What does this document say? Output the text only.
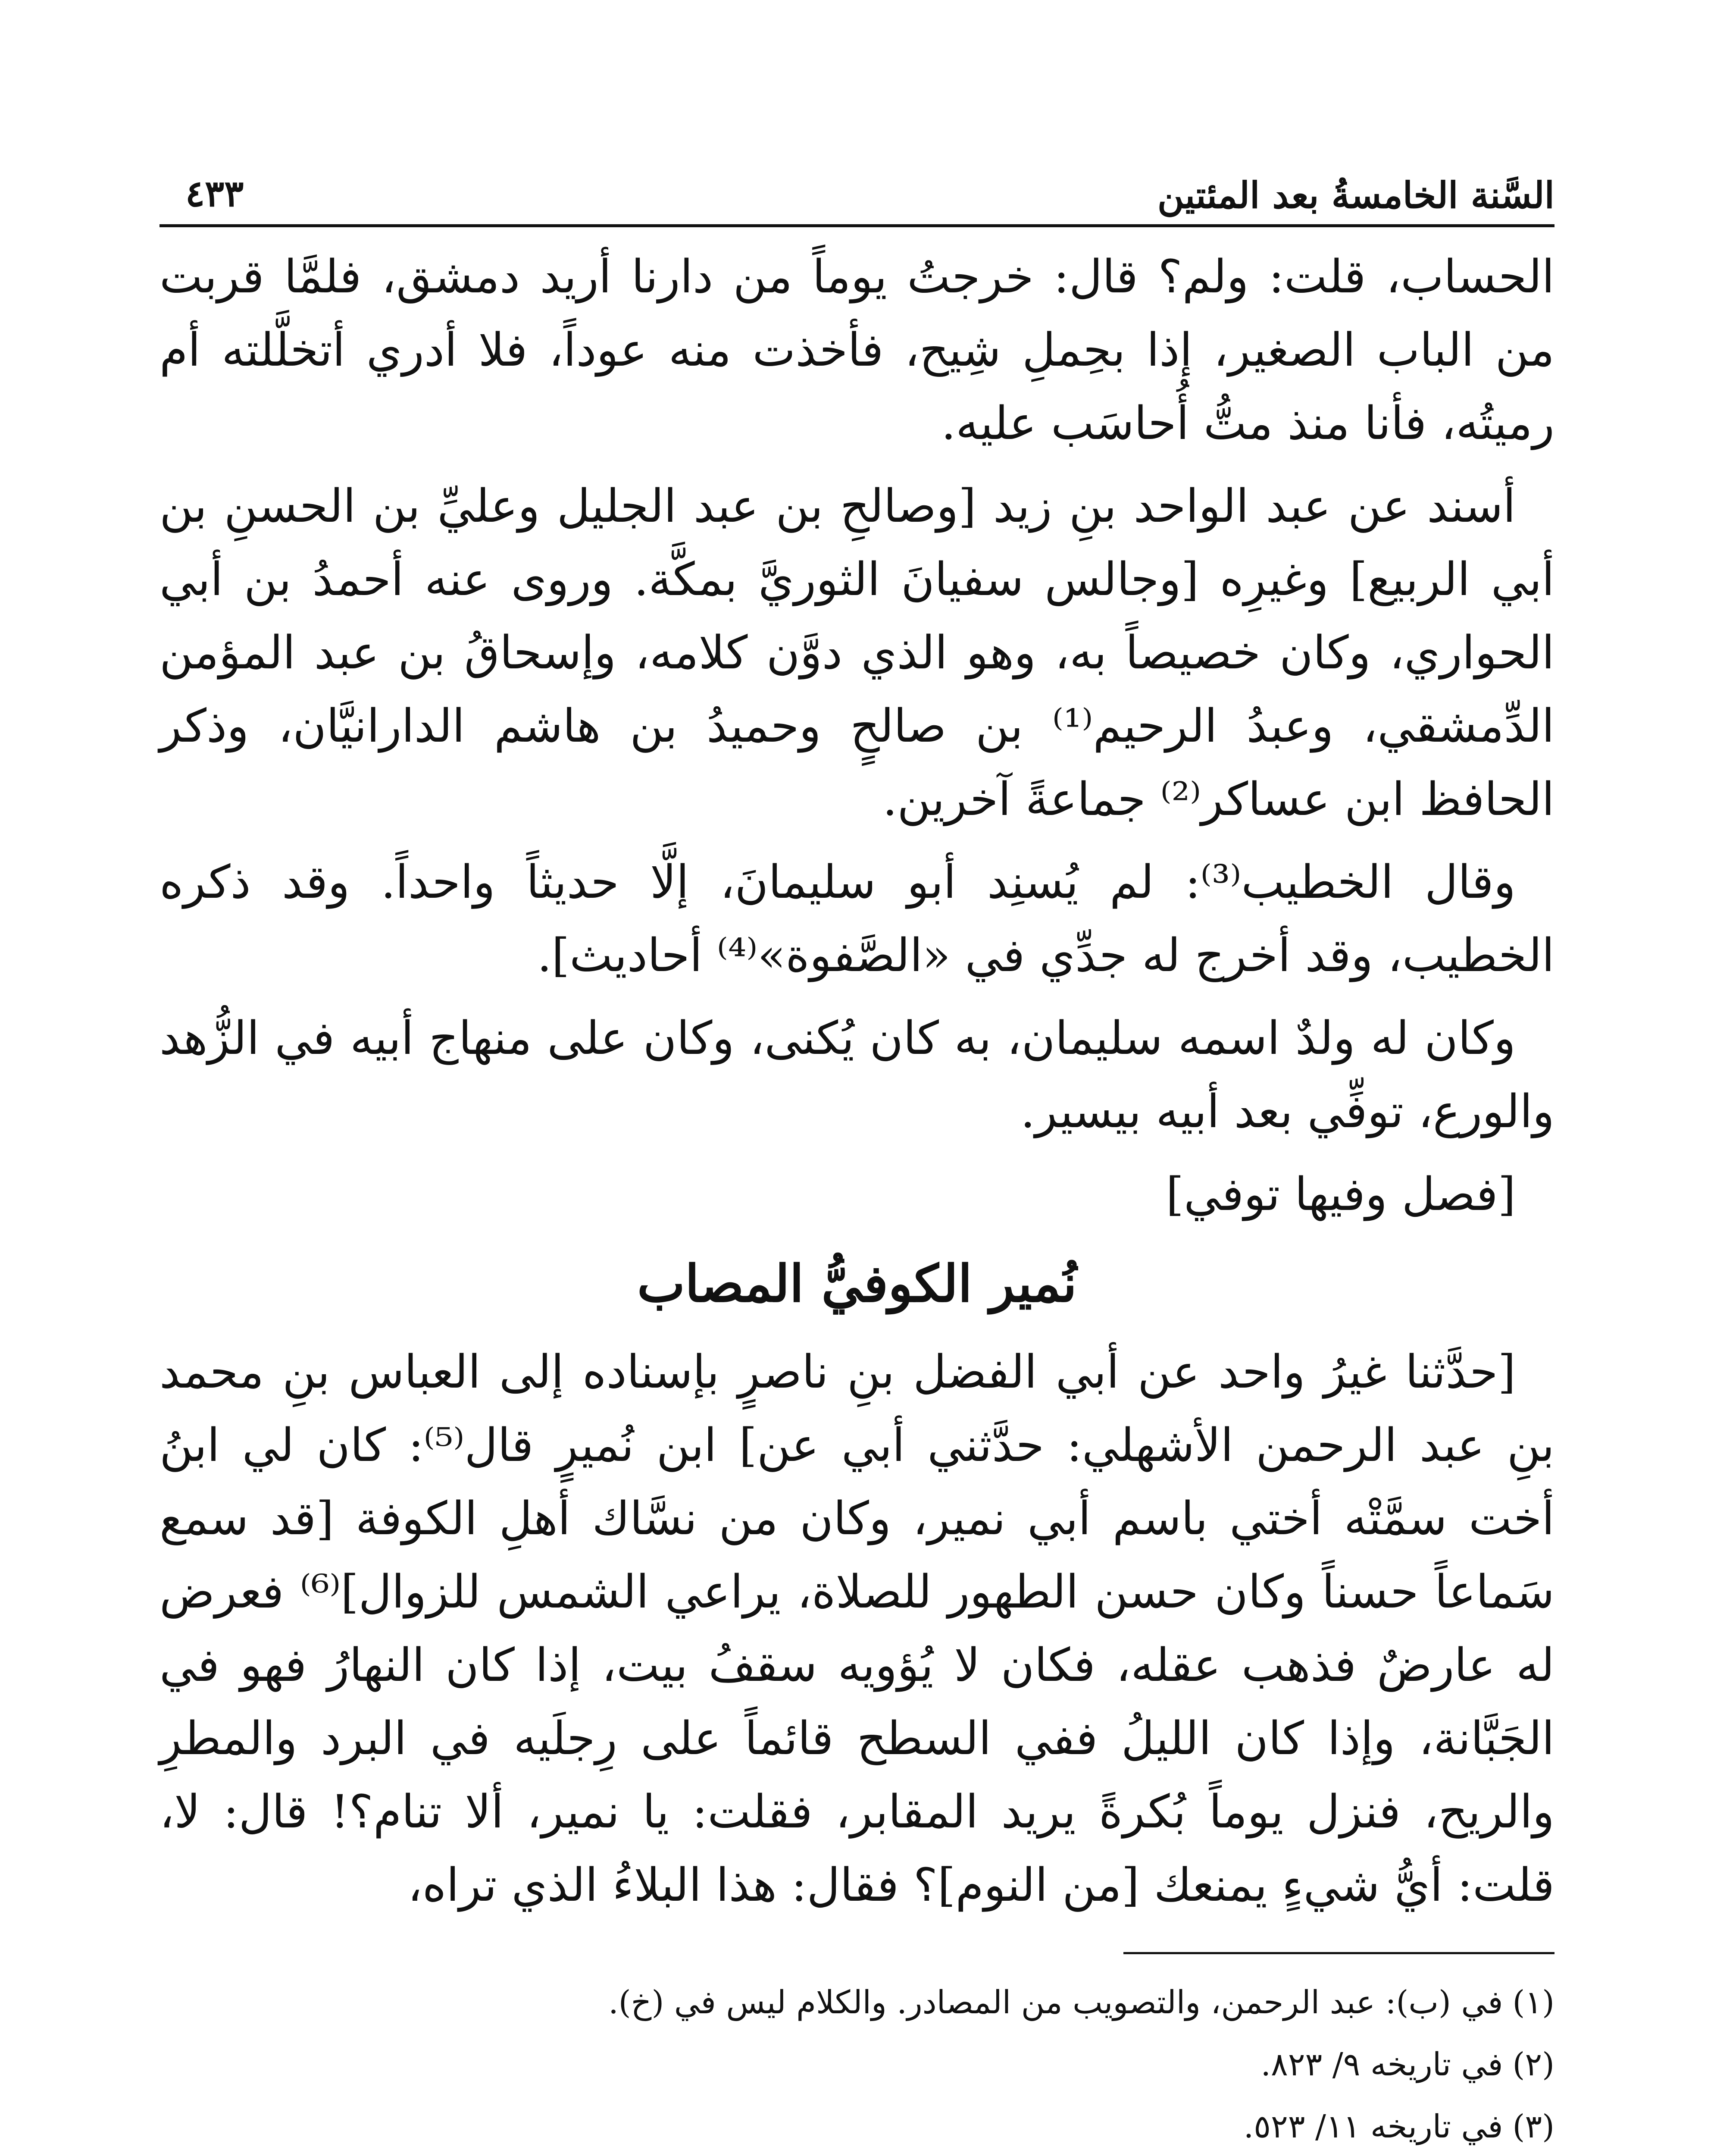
السَّنة الخامسةُ بعد المئتين
٤٣٣

الحساب، قلت: ولم؟ قال: خرجتُ يوماً من دارنا أريد دمشق، فلمَّا قربت من الباب الصغير، إذا بحِملِ شِيح، فأخذت منه عوداً، فلا أدري أتخلَّلته أم رميتُه، فأنا منذ متُّ أُحاسَب عليه.

أسند عن عبد الواحد بنِ زيد [وصالحِ بن عبد الجليل وعليِّ بن الحسنِ بن أبي الربيع] وغيرِه [وجالس سفيانَ الثوريَّ بمكَّة. وروى عنه أحمدُ بن أبي الحواري، وكان خصيصاً به، وهو الذي دوَّن كلامه، وإسحاقُ بن عبد المؤمن الدِّمشقي، وعبدُ الرحيم⁽¹⁾ بن صالحٍ وحميدُ بن هاشم الدارانيَّان، وذكر الحافظ ابن عساكر⁽²⁾ جماعةً آخرين.

وقال الخطيب⁽³⁾: لم يُسنِد أبو سليمانَ، إلَّا حديثاً واحداً. وقد ذكره الخطيب، وقد أخرج له جدِّي في «الصَّفوة»⁽⁴⁾ أحاديث].

وكان له ولدٌ اسمه سليمان، به كان يُكنى، وكان على منهاج أبيه في الزُّهد والورع، توفِّي بعد أبيه بيسير.

[فصل وفيها توفي]

نُمير الكوفيُّ المصاب

[حدَّثنا غيرُ واحد عن أبي الفضل بنِ ناصرٍ بإسناده إلى العباس بنِ محمد بنِ عبد الرحمن الأشهلي: حدَّثني أبي عن] ابن نُميرٍ قال⁽⁵⁾: كان لي ابنُ أخت سمَّتْه أختي باسم أبي نمير، وكان من نسَّاك أهلِ الكوفة [قد سمع سَماعاً حسناً وكان حسن الطهور للصلاة، يراعي الشمس للزوال]⁽⁶⁾ فعرض له عارضٌ فذهب عقله، فكان لا يُؤويه سقفُ بيت، إذا كان النهارُ فهو في الجَبَّانة، وإذا كان الليلُ ففي السطح قائماً على رِجلَيه في البرد والمطرِ والريح، فنزل يوماً بُكرةً يريد المقابر، فقلت: يا نمير، ألا تنام؟! قال: لا، قلت: أيُّ شيءٍ يمنعك [من النوم]؟ فقال: هذا البلاءُ الذي تراه،

(١)في (ب): عبد الرحمن، والتصويب من المصادر. والكلام ليس في (خ).

(٢)في تاريخه ٩/ ٨٢٣.

(٣)في تاريخه ١١/ ٥٢٣.
